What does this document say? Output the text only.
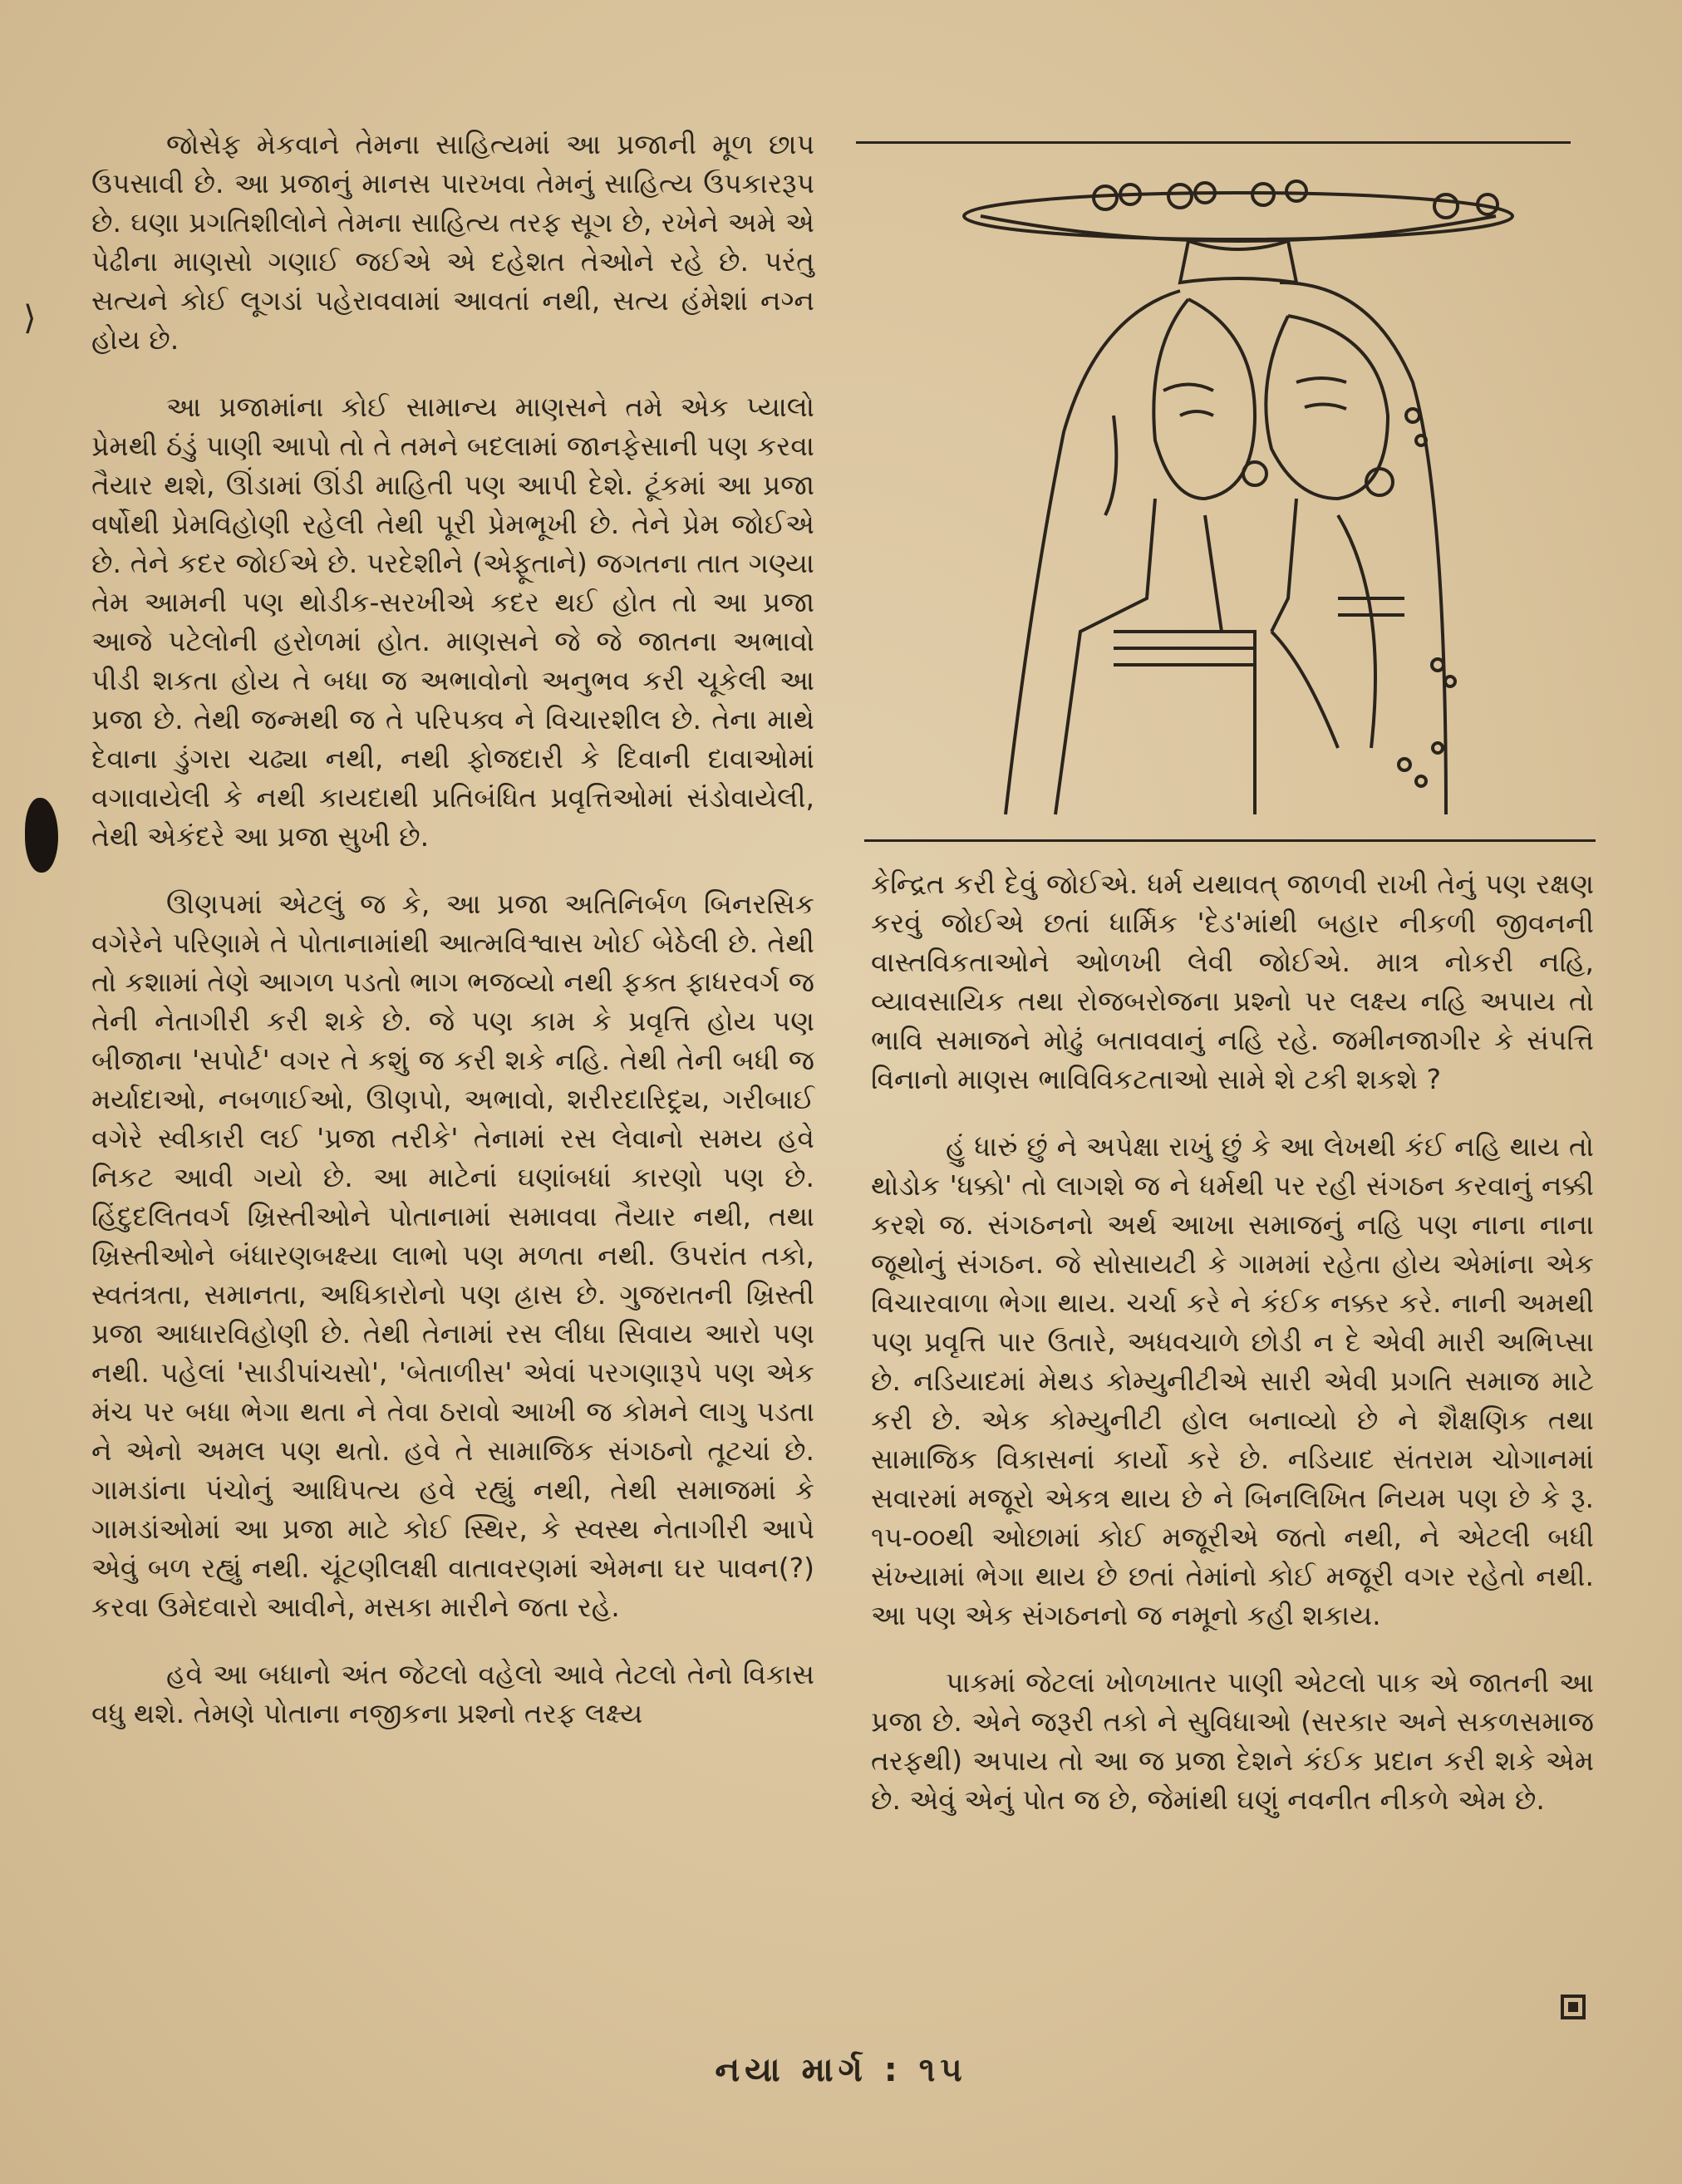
⟩

જોસેફ મેકવાને તેમના સાહિત્યમાં આ પ્રજાની મૂળ છાપ ઉપસાવી છે. આ પ્રજાનું માનસ પારખવા તેમનું સાહિત્ય ઉપકારરૂપ છે. ઘણા પ્રગતિશીલોને તેમના સાહિત્ય તરફ સૂગ છે, રખેને અમે એ પેઢીના માણસો ગણાઈ જઈએ એ દહેશત તેઓને રહે છે. પરંતુ સત્યને કોઈ લૂગડાં પહેરાવવામાં આવતાં નથી, સત્ય હંમેશાં નગ્ન હોય છે.

આ પ્રજામાંના કોઈ સામાન્ય માણસને તમે એક પ્યાલો પ્રેમથી ઠંડું પાણી આપો તો તે તમને બદલામાં જાનફેસાની પણ કરવા તૈયાર થશે, ઊંડામાં ઊંડી માહિતી પણ આપી દેશે. ટૂંકમાં આ પ્રજા વર્ષોથી પ્રેમવિહોણી રહેલી તેથી પૂરી પ્રેમભૂખી છે. તેને પ્રેમ જોઈએ છે. તેને કદર જોઈએ છે. પરદેશીને (એફૂતાને) જગતના તાત ગણ્યા તેમ આમની પણ થોડીક-સરખીએ કદર થઈ હોત તો આ પ્રજા આજે પટેલોની હરોળમાં હોત. માણસને જે જે જાતના અભાવો પીડી શકતા હોય તે બધા જ અભાવોનો અનુભવ કરી ચૂકેલી આ પ્રજા છે. તેથી જન્મથી જ તે પરિપક્વ ને વિચારશીલ છે. તેના માથે દેવાના ડુંગરા ચઢ્યા નથી, નથી ફોજદારી કે દિવાની દાવાઓમાં વગાવાયેલી કે નથી કાયદાથી પ્રતિબંધિત પ્રવૃત્તિઓમાં સંડોવાયેલી, તેથી એકંદરે આ પ્રજા સુખી છે.

ઊણપમાં એટલું જ કે, આ પ્રજા અતિનિર્બળ બિનરસિક વગેરેને પરિણામે તે પોતાનામાંથી આત્મવિશ્વાસ ખોઈ બેઠેલી છે. તેથી તો કશામાં તેણે આગળ પડતો ભાગ ભજવ્યો નથી ફક્ત ફાધરવર્ગ જ તેની નેતાગીરી કરી શકે છે. જે પણ કામ કે પ્રવૃત્તિ હોય પણ બીજાના 'સપોર્ટ' વગર તે કશું જ કરી શકે નહિ. તેથી તેની બધી જ મર્યાદાઓ, નબળાઈઓ, ઊણપો, અભાવો, શરીરદારિદ્ર્ય, ગરીબાઈ વગેરે સ્વીકારી લઈ 'પ્રજા તરીકે' તેનામાં રસ લેવાનો સમય હવે નિકટ આવી ગયો છે. આ માટેનાં ઘણાંબધાં કારણો પણ છે. હિંદુદલિતવર્ગ ખ્રિસ્તીઓને પોતાનામાં સમાવવા તૈયાર નથી, તથા ખ્રિસ્તીઓને બંધારણબક્ષ્યા લાભો પણ મળતા નથી. ઉપરાંત તકો, સ્વતંત્રતા, સમાનતા, અધિકારોનો પણ હ્રાસ છે. ગુજરાતની ખ્રિસ્તી પ્રજા આધારવિહોણી છે. તેથી તેનામાં રસ લીધા સિવાય આરો પણ નથી. પહેલાં 'સાડીપાંચસો', 'બેતાળીસ' એવાં પરગણારૂપે પણ એક મંચ પર બધા ભેગા થતા ને તેવા ઠરાવો આખી જ કોમને લાગુ પડતા ને એનો અમલ પણ થતો. હવે તે સામાજિક સંગઠનો તૂટચાં છે. ગામડાંના પંચોનું આધિપત્ય હવે રહ્યું નથી, તેથી સમાજમાં કે ગામડાંઓમાં આ પ્રજા માટે કોઈ સ્થિર, કે સ્વસ્થ નેતાગીરી આપે એવું બળ રહ્યું નથી. ચૂંટણીલક્ષી વાતાવરણમાં એમના ઘર પાવન(?) કરવા ઉમેદવારો આવીને, મસકા મારીને જતા રહે.

હવે આ બધાનો અંત જેટલો વહેલો આવે તેટલો તેનો વિકાસ વધુ થશે. તેમણે પોતાના નજીકના પ્રશ્નો તરફ લક્ષ્ય

કેન્દ્રિત કરી દેવું જોઈએ. ધર્મ યથાવત્ જાળવી રાખી તેનું પણ રક્ષણ કરવું જોઈએ છતાં ધાર્મિક 'દેડ'માંથી બહાર નીકળી જીવનની વાસ્તવિકતાઓને ઓળખી લેવી જોઈએ. માત્ર નોકરી નહિ, વ્યાવસાયિક તથા રોજબરોજના પ્રશ્નો પર લક્ષ્ય નહિ અપાય તો ભાવિ સમાજને મોઢું બતાવવાનું નહિ રહે. જમીનજાગીર કે સંપત્તિ વિનાનો માણસ ભાવિવિકટતાઓ સામે શે ટકી શકશે ?

હું ધારું છું ને અપેક્ષા રાખું છું કે આ લેખથી કંઈ નહિ થાય તો થોડોક 'ધક્કો' તો લાગશે જ ને ધર્મથી પર રહી સંગઠન કરવાનું નક્કી કરશે જ. સંગઠનનો અર્થ આખા સમાજનું નહિ પણ નાના નાના જૂથોનું સંગઠન. જે સોસાયટી કે ગામમાં રહેતા હોય એમાંના એક વિચારવાળા ભેગા થાય. ચર્ચા કરે ને કંઈક નક્કર કરે. નાની અમથી પણ પ્રવૃત્તિ પાર ઉતારે, અધવચાળે છોડી ન દે એવી મારી અભિપ્સા છે. નડિયાદમાં મેથડ કોમ્યુનીટીએ સારી એવી પ્રગતિ સમાજ માટે કરી છે. એક કોમ્યુનીટી હોલ બનાવ્યો છે ને શૈક્ષણિક તથા સામાજિક વિકાસનાં કાર્યો કરે છે. નડિયાદ સંતરામ ચોગાનમાં સવારમાં મજૂરો એકત્ર થાય છે ને બિનલિખિત નિયમ પણ છે કે રૂ. ૧૫-૦૦થી ઓછામાં કોઈ મજૂરીએ જતો નથી, ને એટલી બધી સંખ્યામાં ભેગા થાય છે છતાં તેમાંનો કોઈ મજૂરી વગર રહેતો નથી. આ પણ એક સંગઠનનો જ નમૂનો કહી શકાય.

પાકમાં જેટલાં ખોળખાતર પાણી એટલો પાક એ જાતની આ પ્રજા છે. એને જરૂરી તકો ને સુવિધાઓ (સરકાર અને સકળસમાજ તરફથી) અપાય તો આ જ પ્રજા દેશને કંઈક પ્રદાન કરી શકે એમ છે. એવું એનું પોત જ છે, જેમાંથી ઘણું નવનીત નીકળે એમ છે.

નયા માર્ગ : ૧૫
